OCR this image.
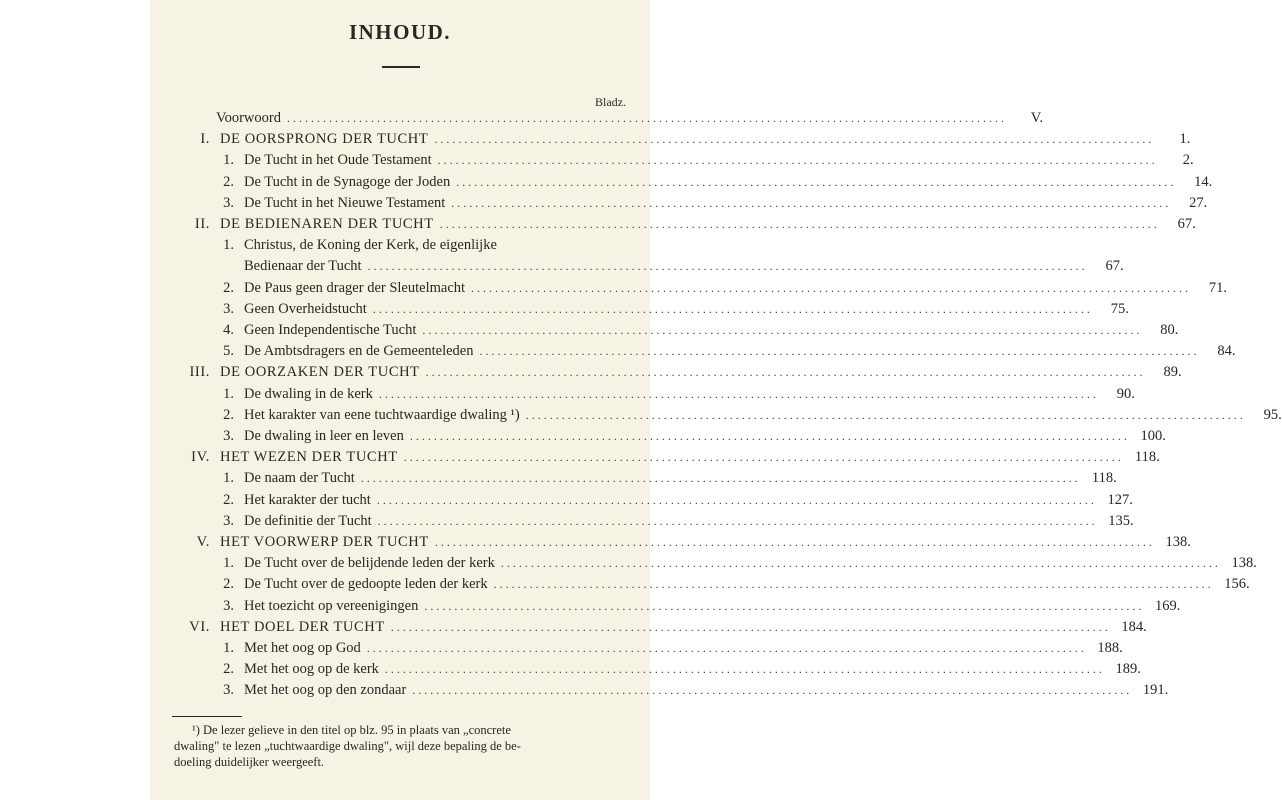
INHOUD.
Bladz.
Voorwoord ........................................................................................................................	V.
I. DE OORSPRONG DER TUCHT ........................................................................................................................	1.
1. De Tucht in het Oude Testament ........................................................................................................................	2.
2. De Tucht in de Synagoge der Joden ........................................................................................................................	14.
3. De Tucht in het Nieuwe Testament ........................................................................................................................	27.
II. DE BEDIENAREN DER TUCHT ........................................................................................................................	67.
1. Christus, de Koning der Kerk, de eigenlijke
Bedienaar der Tucht ........................................................................................................................	67.
2. De Paus geen drager der Sleutelmacht ........................................................................................................................	71.
3. Geen Overheidstucht ........................................................................................................................	75.
4. Geen Independentische Tucht ........................................................................................................................	80.
5. De Ambtsdragers en de Gemeenteleden ........................................................................................................................	84.
III. DE OORZAKEN DER TUCHT ........................................................................................................................	89.
1. De dwaling in de kerk ........................................................................................................................	90.
2. Het karakter van eene tuchtwaardige dwaling ¹) ........................................................................................................................	95.
3. De dwaling in leer en leven ........................................................................................................................ 100.
IV. HET WEZEN DER TUCHT ........................................................................................................................ 118.
1. De naam der Tucht ........................................................................................................................ 118.
2. Het karakter der tucht ........................................................................................................................ 127.
3. De definitie der Tucht ........................................................................................................................ 135.
V. HET VOORWERP DER TUCHT ........................................................................................................................ 138.
1. De Tucht over de belijdende leden der kerk ........................................................................................................................ 138.
2. De Tucht over de gedoopte leden der kerk ........................................................................................................................ 156.
3. Het toezicht op vereenigingen ........................................................................................................................ 169.
VI. HET DOEL DER TUCHT ........................................................................................................................ 184.
1. Met het oog op God ........................................................................................................................ 188.
2. Met het oog op de kerk ........................................................................................................................ 189.
3. Met het oog op den zondaar ........................................................................................................................ 191.
¹) De lezer gelieve in den titel op blz. 95 in plaats van „concrete
dwaling" te lezen „tuchtwaardige dwaling", wijl deze bepaling de be-
doeling duidelijker weergeeft.
